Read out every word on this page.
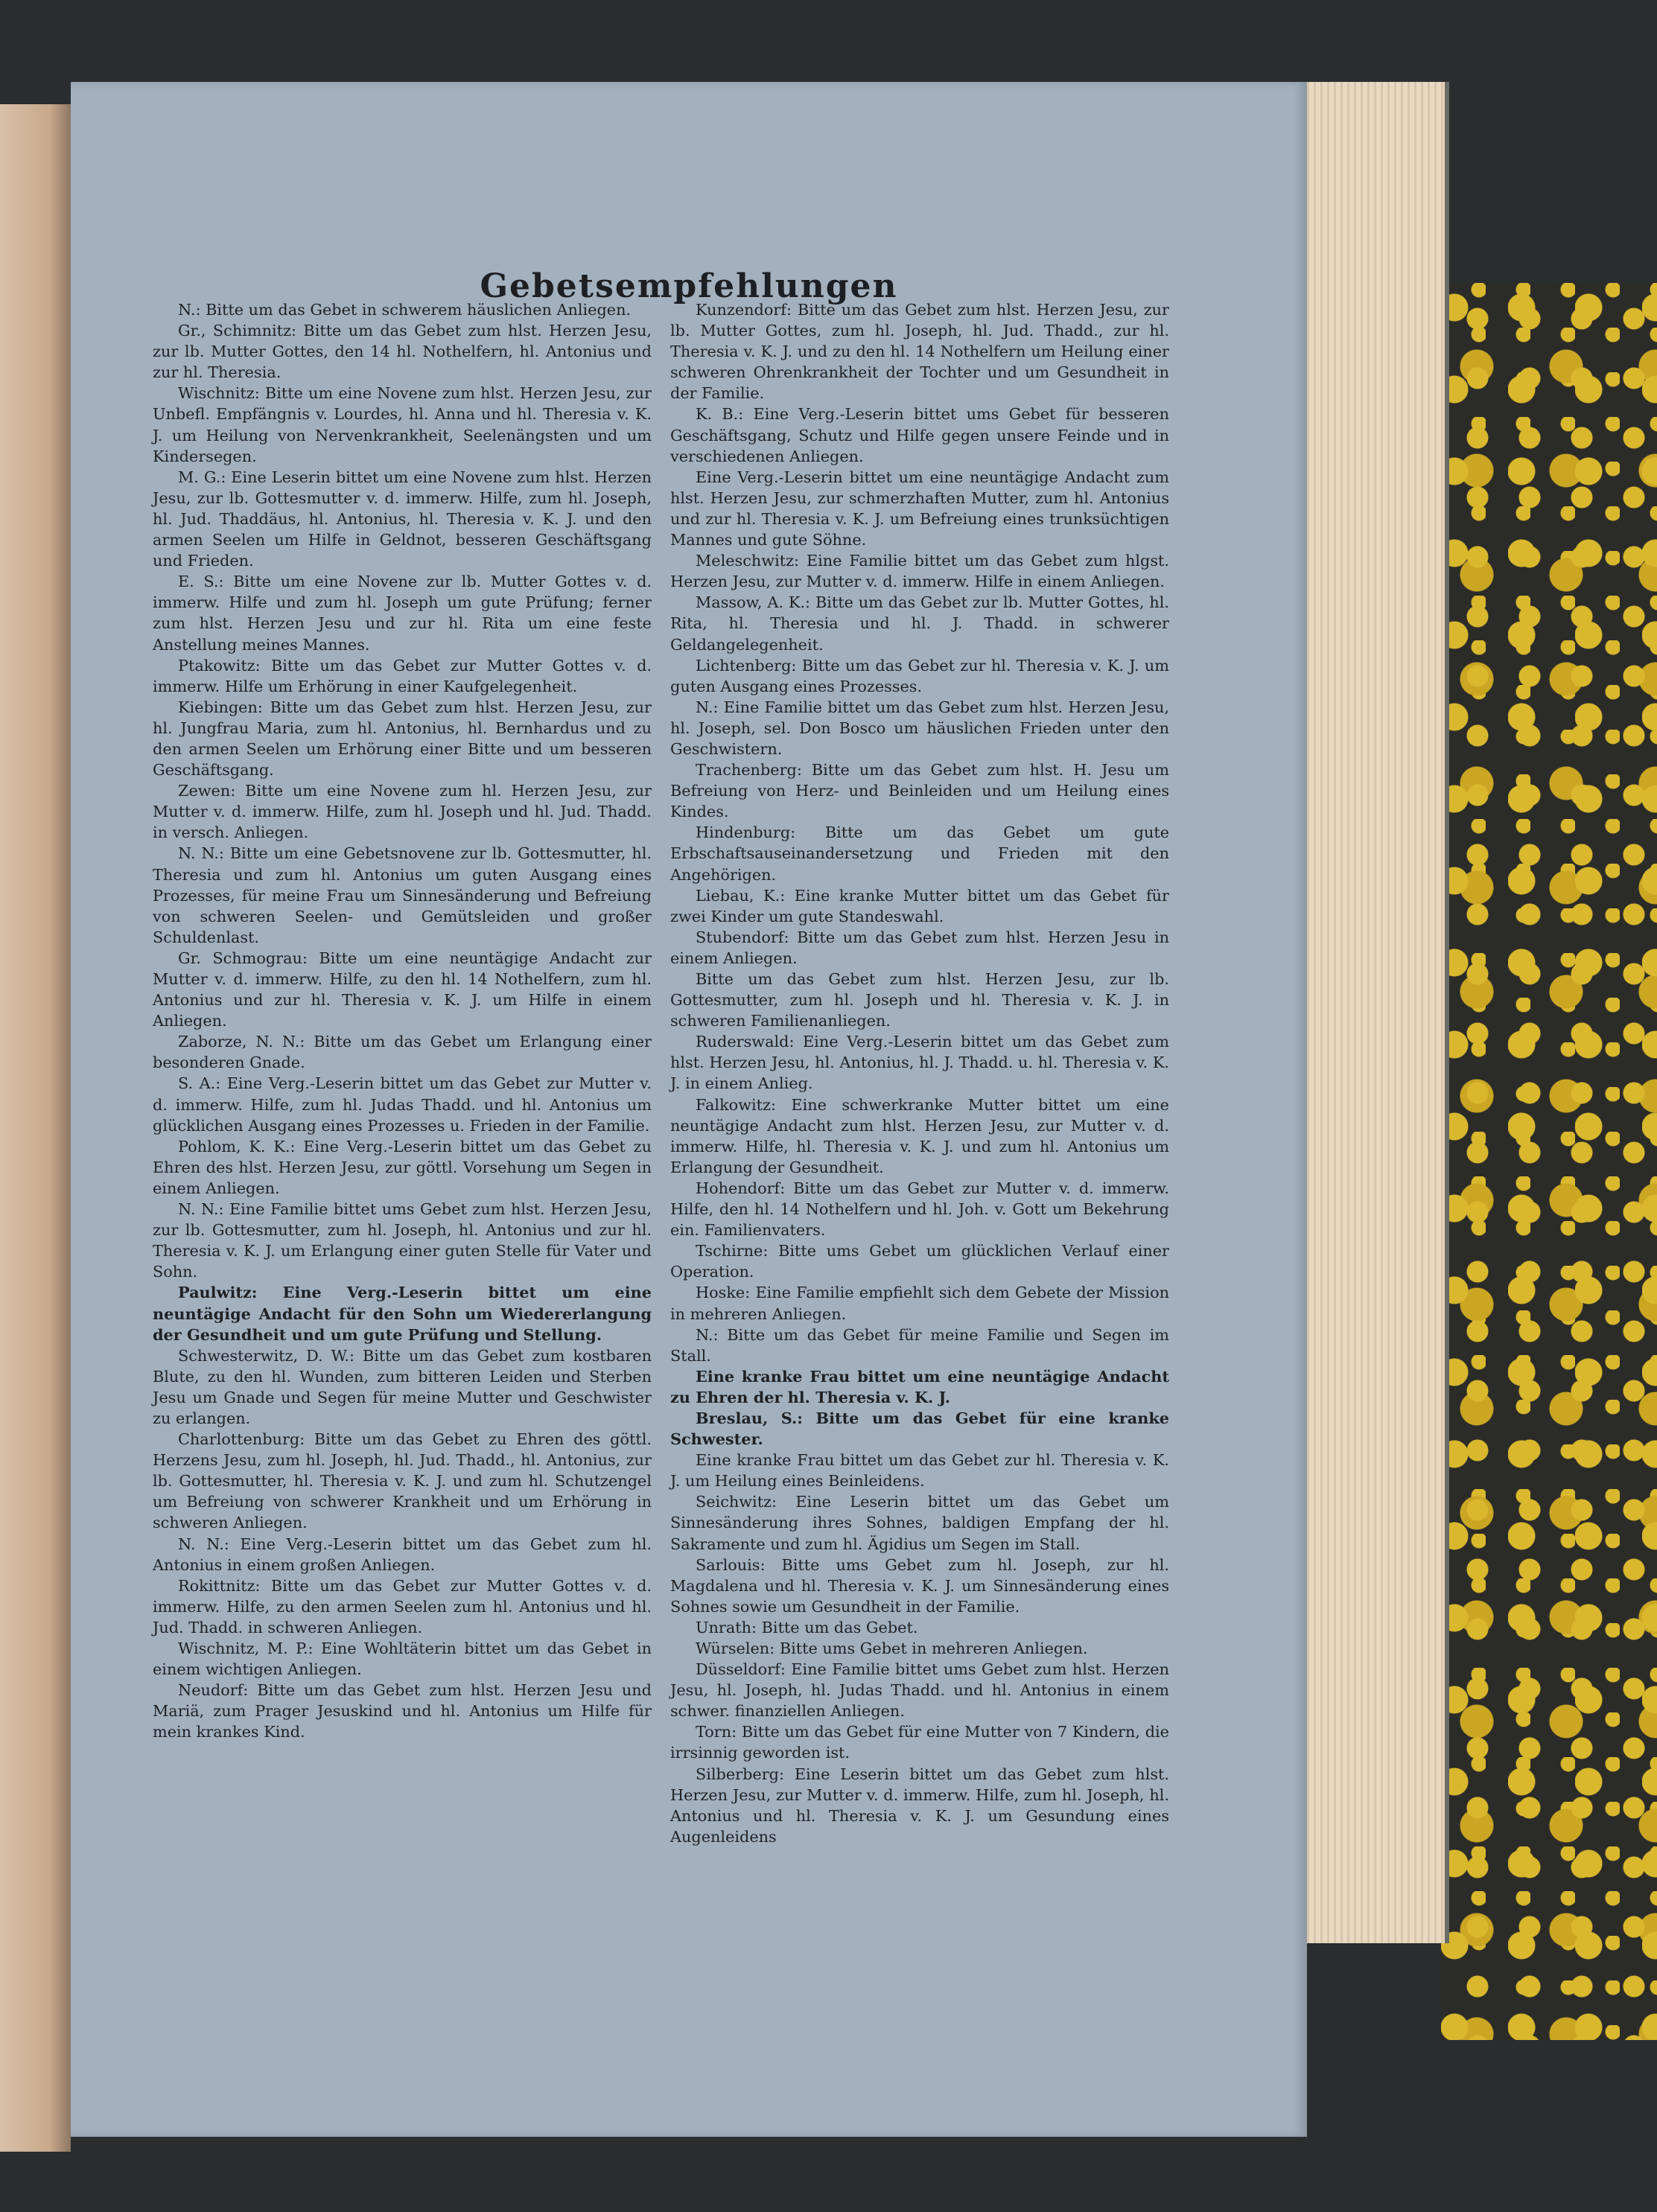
Gebetsempfehlungen

N.: Bitte um das Gebet in schwerem häuslichen Anliegen.

Gr., Schimnitz: Bitte um das Gebet zum hlst. Herzen Jesu, zur lb. Mutter Gottes, den 14 hl. Nothelfern, hl. Antonius und zur hl. Theresia.

Wischnitz: Bitte um eine Novene zum hlst. Herzen Jesu, zur Unbefl. Empfängnis v. Lourdes, hl. Anna und hl. Theresia v. K. J. um Heilung von Nervenkrankheit, Seelenängsten und um Kindersegen.

M. G.: Eine Leserin bittet um eine Novene zum hlst. Herzen Jesu, zur lb. Gottesmutter v. d. immerw. Hilfe, zum hl. Joseph, hl. Jud. Thaddäus, hl. Antonius, hl. Theresia v. K. J. und den armen Seelen um Hilfe in Geldnot, besseren Geschäftsgang und Frieden.

E. S.: Bitte um eine Novene zur lb. Mutter Gottes v. d. immerw. Hilfe und zum hl. Joseph um gute Prüfung; ferner zum hlst. Herzen Jesu und zur hl. Rita um eine feste Anstellung meines Mannes.

Ptakowitz: Bitte um das Gebet zur Mutter Gottes v. d. immerw. Hilfe um Erhörung in einer Kaufgelegenheit.

Kiebingen: Bitte um das Gebet zum hlst. Herzen Jesu, zur hl. Jungfrau Maria, zum hl. Antonius, hl. Bernhardus und zu den armen Seelen um Erhörung einer Bitte und um besseren Geschäftsgang.

Zewen: Bitte um eine Novene zum hl. Herzen Jesu, zur Mutter v. d. immerw. Hilfe, zum hl. Joseph und hl. Jud. Thadd. in versch. Anliegen.

N. N.: Bitte um eine Gebetsnovene zur lb. Gottesmutter, hl. Theresia und zum hl. Antonius um guten Ausgang eines Prozesses, für meine Frau um Sinnesänderung und Befreiung von schweren Seelen- und Gemütsleiden und großer Schuldenlast.

Gr. Schmograu: Bitte um eine neuntägige Andacht zur Mutter v. d. immerw. Hilfe, zu den hl. 14 Nothelfern, zum hl. Antonius und zur hl. Theresia v. K. J. um Hilfe in einem Anliegen.

Zaborze, N. N.: Bitte um das Gebet um Erlangung einer besonderen Gnade.

S. A.: Eine Verg.-Leserin bittet um das Gebet zur Mutter v. d. immerw. Hilfe, zum hl. Judas Thadd. und hl. Antonius um glücklichen Ausgang eines Prozesses u. Frieden in der Familie.

Pohlom, K. K.: Eine Verg.-Leserin bittet um das Gebet zu Ehren des hlst. Herzen Jesu, zur göttl. Vorsehung um Segen in einem Anliegen.

N. N.: Eine Familie bittet ums Gebet zum hlst. Herzen Jesu, zur lb. Gottesmutter, zum hl. Joseph, hl. Antonius und zur hl. Theresia v. K. J. um Erlangung einer guten Stelle für Vater und Sohn.

Paulwitz: Eine Verg.-Leserin bittet um eine neuntägige Andacht für den Sohn um Wiedererlangung der Gesundheit und um gute Prüfung und Stellung.

Schwesterwitz, D. W.: Bitte um das Gebet zum kostbaren Blute, zu den hl. Wunden, zum bitteren Leiden und Sterben Jesu um Gnade und Segen für meine Mutter und Geschwister zu erlangen.

Charlottenburg: Bitte um das Gebet zu Ehren des göttl. Herzens Jesu, zum hl. Joseph, hl. Jud. Thadd., hl. Antonius, zur lb. Gottesmutter, hl. Theresia v. K. J. und zum hl. Schutzengel um Befreiung von schwerer Krankheit und um Erhörung in schweren Anliegen.

N. N.: Eine Verg.-Leserin bittet um das Gebet zum hl. Antonius in einem großen Anliegen.

Rokittnitz: Bitte um das Gebet zur Mutter Gottes v. d. immerw. Hilfe, zu den armen Seelen zum hl. Antonius und hl. Jud. Thadd. in schweren Anliegen.

Wischnitz, M. P.: Eine Wohltäterin bittet um das Gebet in einem wichtigen Anliegen.

Neudorf: Bitte um das Gebet zum hlst. Herzen Jesu und Mariä, zum Prager Jesuskind und hl. Antonius um Hilfe für mein krankes Kind.

Kunzendorf: Bitte um das Gebet zum hlst. Herzen Jesu, zur lb. Mutter Gottes, zum hl. Joseph, hl. Jud. Thadd., zur hl. Theresia v. K. J. und zu den hl. 14 Nothelfern um Heilung einer schweren Ohrenkrankheit der Tochter und um Gesundheit in der Familie.

K. B.: Eine Verg.-Leserin bittet ums Gebet für besseren Geschäftsgang, Schutz und Hilfe gegen unsere Feinde und in verschiedenen Anliegen.

Eine Verg.-Leserin bittet um eine neuntägige Andacht zum hlst. Herzen Jesu, zur schmerzhaften Mutter, zum hl. Antonius und zur hl. Theresia v. K. J. um Befreiung eines trunksüchtigen Mannes und gute Söhne.

Meleschwitz: Eine Familie bittet um das Gebet zum hlgst. Herzen Jesu, zur Mutter v. d. immerw. Hilfe in einem Anliegen.

Massow, A. K.: Bitte um das Gebet zur lb. Mutter Gottes, hl. Rita, hl. Theresia und hl. J. Thadd. in schwerer Geldangelegenheit.

Lichtenberg: Bitte um das Gebet zur hl. Theresia v. K. J. um guten Ausgang eines Prozesses.

N.: Eine Familie bittet um das Gebet zum hlst. Herzen Jesu, hl. Joseph, sel. Don Bosco um häuslichen Frieden unter den Geschwistern.

Trachenberg: Bitte um das Gebet zum hlst. H. Jesu um Befreiung von Herz- und Beinleiden und um Heilung eines Kindes.

Hindenburg: Bitte um das Gebet um gute Erbschaftsauseinandersetzung und Frieden mit den Angehörigen.

Liebau, K.: Eine kranke Mutter bittet um das Gebet für zwei Kinder um gute Standeswahl.

Stubendorf: Bitte um das Gebet zum hlst. Herzen Jesu in einem Anliegen.

Bitte um das Gebet zum hlst. Herzen Jesu, zur lb. Gottesmutter, zum hl. Joseph und hl. Theresia v. K. J. in schweren Familienanliegen.

Ruderswald: Eine Verg.-Leserin bittet um das Gebet zum hlst. Herzen Jesu, hl. Antonius, hl. J. Thadd. u. hl. Theresia v. K. J. in einem Anlieg.

Falkowitz: Eine schwerkranke Mutter bittet um eine neuntägige Andacht zum hlst. Herzen Jesu, zur Mutter v. d. immerw. Hilfe, hl. Theresia v. K. J. und zum hl. Antonius um Erlangung der Gesundheit.

Hohendorf: Bitte um das Gebet zur Mutter v. d. immerw. Hilfe, den hl. 14 Nothelfern und hl. Joh. v. Gott um Bekehrung ein. Familienvaters.

Tschirne: Bitte ums Gebet um glücklichen Verlauf einer Operation.

Hoske: Eine Familie empfiehlt sich dem Gebete der Mission in mehreren Anliegen.

N.: Bitte um das Gebet für meine Familie und Segen im Stall.

Eine kranke Frau bittet um eine neuntägige Andacht zu Ehren der hl. Theresia v. K. J.

Breslau, S.: Bitte um das Gebet für eine kranke Schwester.

Eine kranke Frau bittet um das Gebet zur hl. Theresia v. K. J. um Heilung eines Beinleidens.

Seichwitz: Eine Leserin bittet um das Gebet um Sinnesänderung ihres Sohnes, baldigen Empfang der hl. Sakramente und zum hl. Ägidius um Segen im Stall.

Sarlouis: Bitte ums Gebet zum hl. Joseph, zur hl. Magdalena und hl. Theresia v. K. J. um Sinnesänderung eines Sohnes sowie um Gesundheit in der Familie.

Unrath: Bitte um das Gebet.

Würselen: Bitte ums Gebet in mehreren Anliegen.

Düsseldorf: Eine Familie bittet ums Gebet zum hlst. Herzen Jesu, hl. Joseph, hl. Judas Thadd. und hl. Antonius in einem schwer. finanziellen Anliegen.

Torn: Bitte um das Gebet für eine Mutter von 7 Kindern, die irrsinnig geworden ist.

Silberberg: Eine Leserin bittet um das Gebet zum hlst. Herzen Jesu, zur Mutter v. d. immerw. Hilfe, zum hl. Joseph, hl. Antonius und hl. Theresia v. K. J. um Gesundung eines Augenleidens
